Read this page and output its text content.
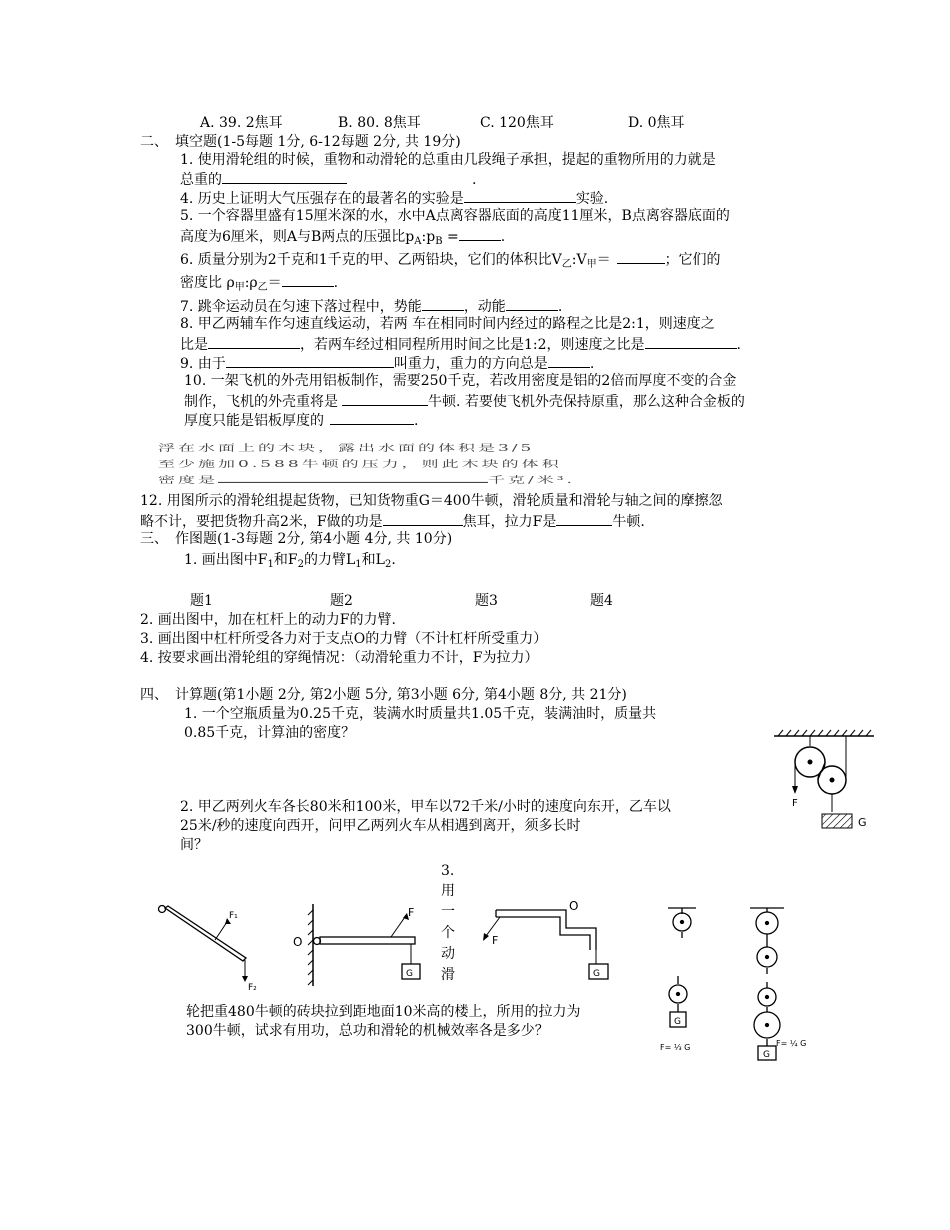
A. 39. 2焦耳	B. 80. 8焦耳	C. 120焦耳	D. 0焦耳
二、　填空题(1-5每题 1分, 6-12每题 2分, 共 19分)
1. 使用滑轮组的时候，重物和动滑轮的总重由几段绳子承担，提起的重物所用的力就是
总重的	.
4. 历史上证明大气压强存在的最著名的实验是	实验.
5. 一个容器里盛有15厘米深的水，水中A点离容器底面的高度11厘米，B点离容器底面的
高度为6厘米，则A与B两点的压强比$p_A:p_B$ =	.
6. 质量分别为2千克和1千克的甲、乙两铅块，它们的体积比$V_乙:V_甲=$	；它们的
密度比 $\rho_甲:\rho_乙=$	.
7. 跳伞运动员在匀速下落过程中，势能	，动能	.
8. 甲乙两辅车作匀速直线运动，若两 车在相同时间内经过的路程之比是2:1，则速度之
比是	，若两车经过相同程所用时间之比是1:2，则速度之比是	.
9. 由于	叫重力，重力的方向总是	.
10. 一架飞机的外壳用铝板制作，需要250千克，若改用密度是铝的2倍而厚度不变的合金
制作，飞机的外壳重将是	牛顿. 若要使飞机外壳保持原重，那么这种合金板的
厚度只能是铝板厚度的	.
浮在水面上的木块，露出水面的体积是3/5
至少施加0.588牛顿的压力，则此木块的体积
密度是	千克/米³.
12. 用图所示的滑轮组提起货物，已知货物重G＝400牛顿，滑轮质量和滑轮与轴之间的摩擦忽
略不计，要把货物升高2米，F做的功是	焦耳，拉力F是	牛顿.
三、　作图题(1-3每题 2分, 第4小题 4分, 共 10分)
1. 画出图中$F_1$和$F_2$的力臂$L_1$和$L_2$.
题1	题2	题3	题4
2. 画出图中，加在杠杆上的动力F的力臂.
3. 画出图中杠杆所受各力对于支点O的力臂（不计杠杆所受重力）
4. 按要求画出滑轮组的穿绳情况：（动滑轮重力不计，F为拉力）
四、　计算题(第1小题 2分, 第2小题 5分, 第3小题 6分, 第4小题 8分, 共 21分)
1. 一个空瓶质量为0.25千克，装满水时质量共1.05千克，装满油时，质量共
0.85千克，计算油的密度？
2. 甲乙两列火车各长80米和100米，甲车以72千米/小时的速度向东开，乙车以
25米/秒的速度向西开，问甲乙两列火车从相遇到离开，须多长时
间？
3.
用
一
个
动
滑
轮把重480牛顿的砖块拉到距地面10米高的楼上，所用的拉力为
300牛顿，试求有用功，总功和滑轮的机械效率各是多少？
F
G
F₁
F₂
O
F
G
F
O
G
G
G
F= ⅓ G	F= ¼ G
